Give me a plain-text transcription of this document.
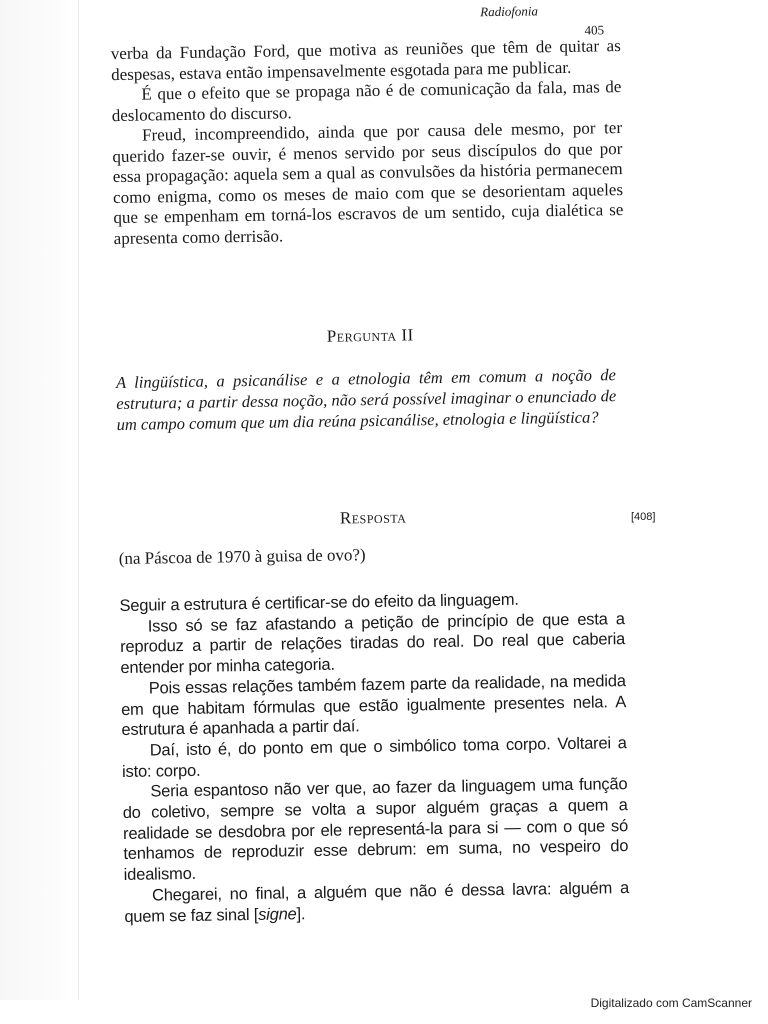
Radiofonia
405

verba da Fundação Ford, que motiva as reuniões que têm de quitar as despesas, estava então impensavelmente esgotada para me publicar.

É que o efeito que se propaga não é de comunicação da fala, mas de deslocamento do discurso.

Freud, incompreendido, ainda que por causa dele mesmo, por ter querido fazer-se ouvir, é menos servido por seus discípulos do que por essa propagação: aquela sem a qual as convulsões da história permanecem como enigma, como os meses de maio com que se desorientam aqueles que se empenham em torná-los escravos de um sentido, cuja dialética se apresenta como derrisão.

Pergunta II
A lingüística, a psicanálise e a etnologia têm em comum a noção de estrutura; a partir dessa noção, não será possível imaginar o enunciado de um campo comum que um dia reúna psicanálise, etnologia e lingüística?
Resposta
(na Páscoa de 1970 à guisa de ovo?)

Seguir a estrutura é certificar-se do efeito da linguagem.

Isso só se faz afastando a petição de princípio de que esta a reproduz a partir de relações tiradas do real. Do real que caberia entender por minha categoria.

Pois essas relações também fazem parte da realidade, na medida em que habitam fórmulas que estão igualmente presentes nela. A estrutura é apanhada a partir daí.

Daí, isto é, do ponto em que o simbólico toma corpo. Voltarei a isto: corpo.

Seria espantoso não ver que, ao fazer da linguagem uma função do coletivo, sempre se volta a supor alguém graças a quem a realidade se desdobra por ele representá-la para si — com o que só tenhamos de reproduzir esse debrum: em suma, no vespeiro do idealismo.

Chegarei, no final, a alguém que não é dessa lavra: alguém a quem se faz sinal [signe].

[408]
Digitalizado com CamScanner
